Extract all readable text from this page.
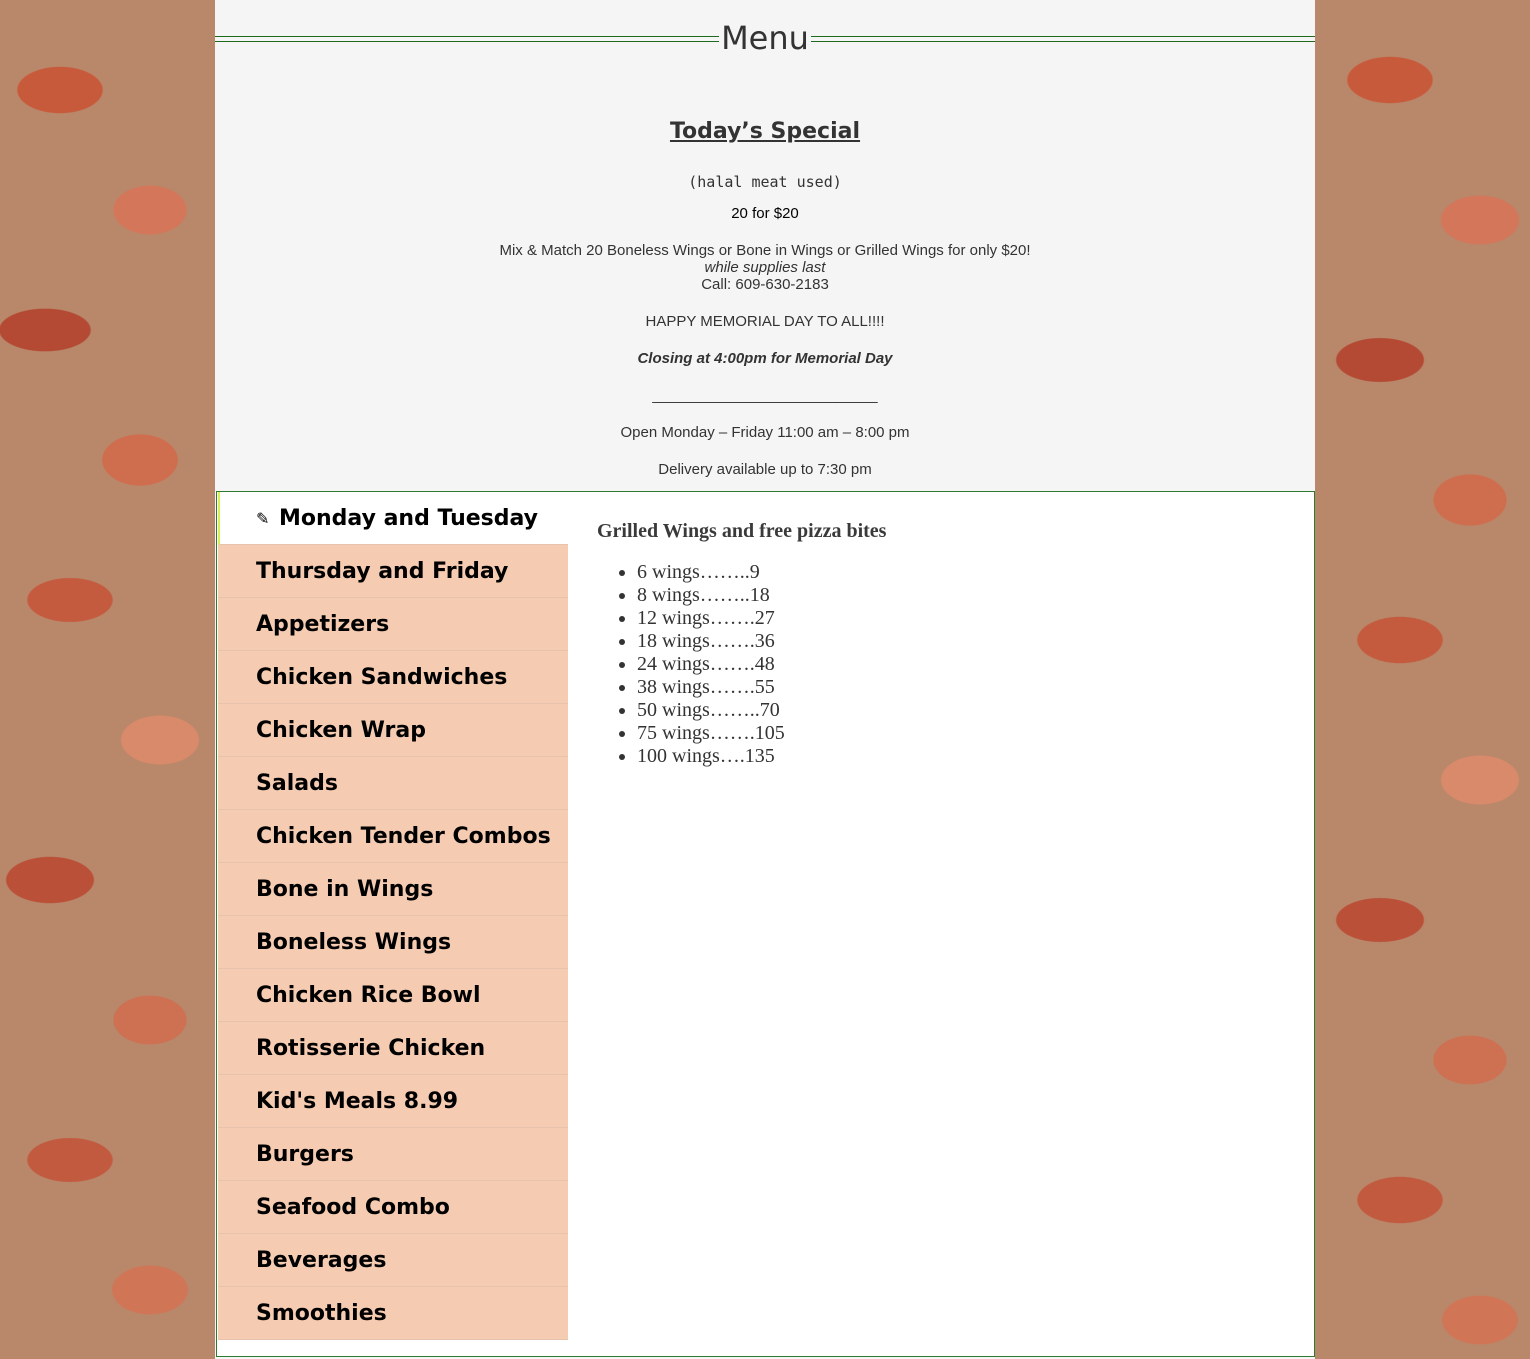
Menu
Today’s Special

(halal meat used)

20 for $20

Mix & Match 20 Boneless Wings or Bone in Wings or Grilled Wings for only $20!

while supplies last

Call: 609-630-2183

HAPPY MEMORIAL DAY TO ALL!!!!

Closing at 4:00pm for Memorial Day

___________________________

Open Monday – Friday 11:00 am – 8:00 pm

Delivery available up to 7:30 pm

✎ Monday and Tuesday
Thursday and Friday
Appetizers
Chicken Sandwiches
Chicken Wrap
Salads
Chicken Tender Combos
Bone in Wings
Boneless Wings
Chicken Rice Bowl
Rotisserie Chicken
Kid's Meals 8.99
Burgers
Seafood Combo
Beverages
Smoothies
Grilled Wings and free pizza bites
• 6 wings……..9
• 8 wings……..18
• 12 wings…….27
• 18 wings…….36
• 24 wings…….48
• 38 wings…….55
• 50 wings……..70
• 75 wings…….105
• 100 wings….135
